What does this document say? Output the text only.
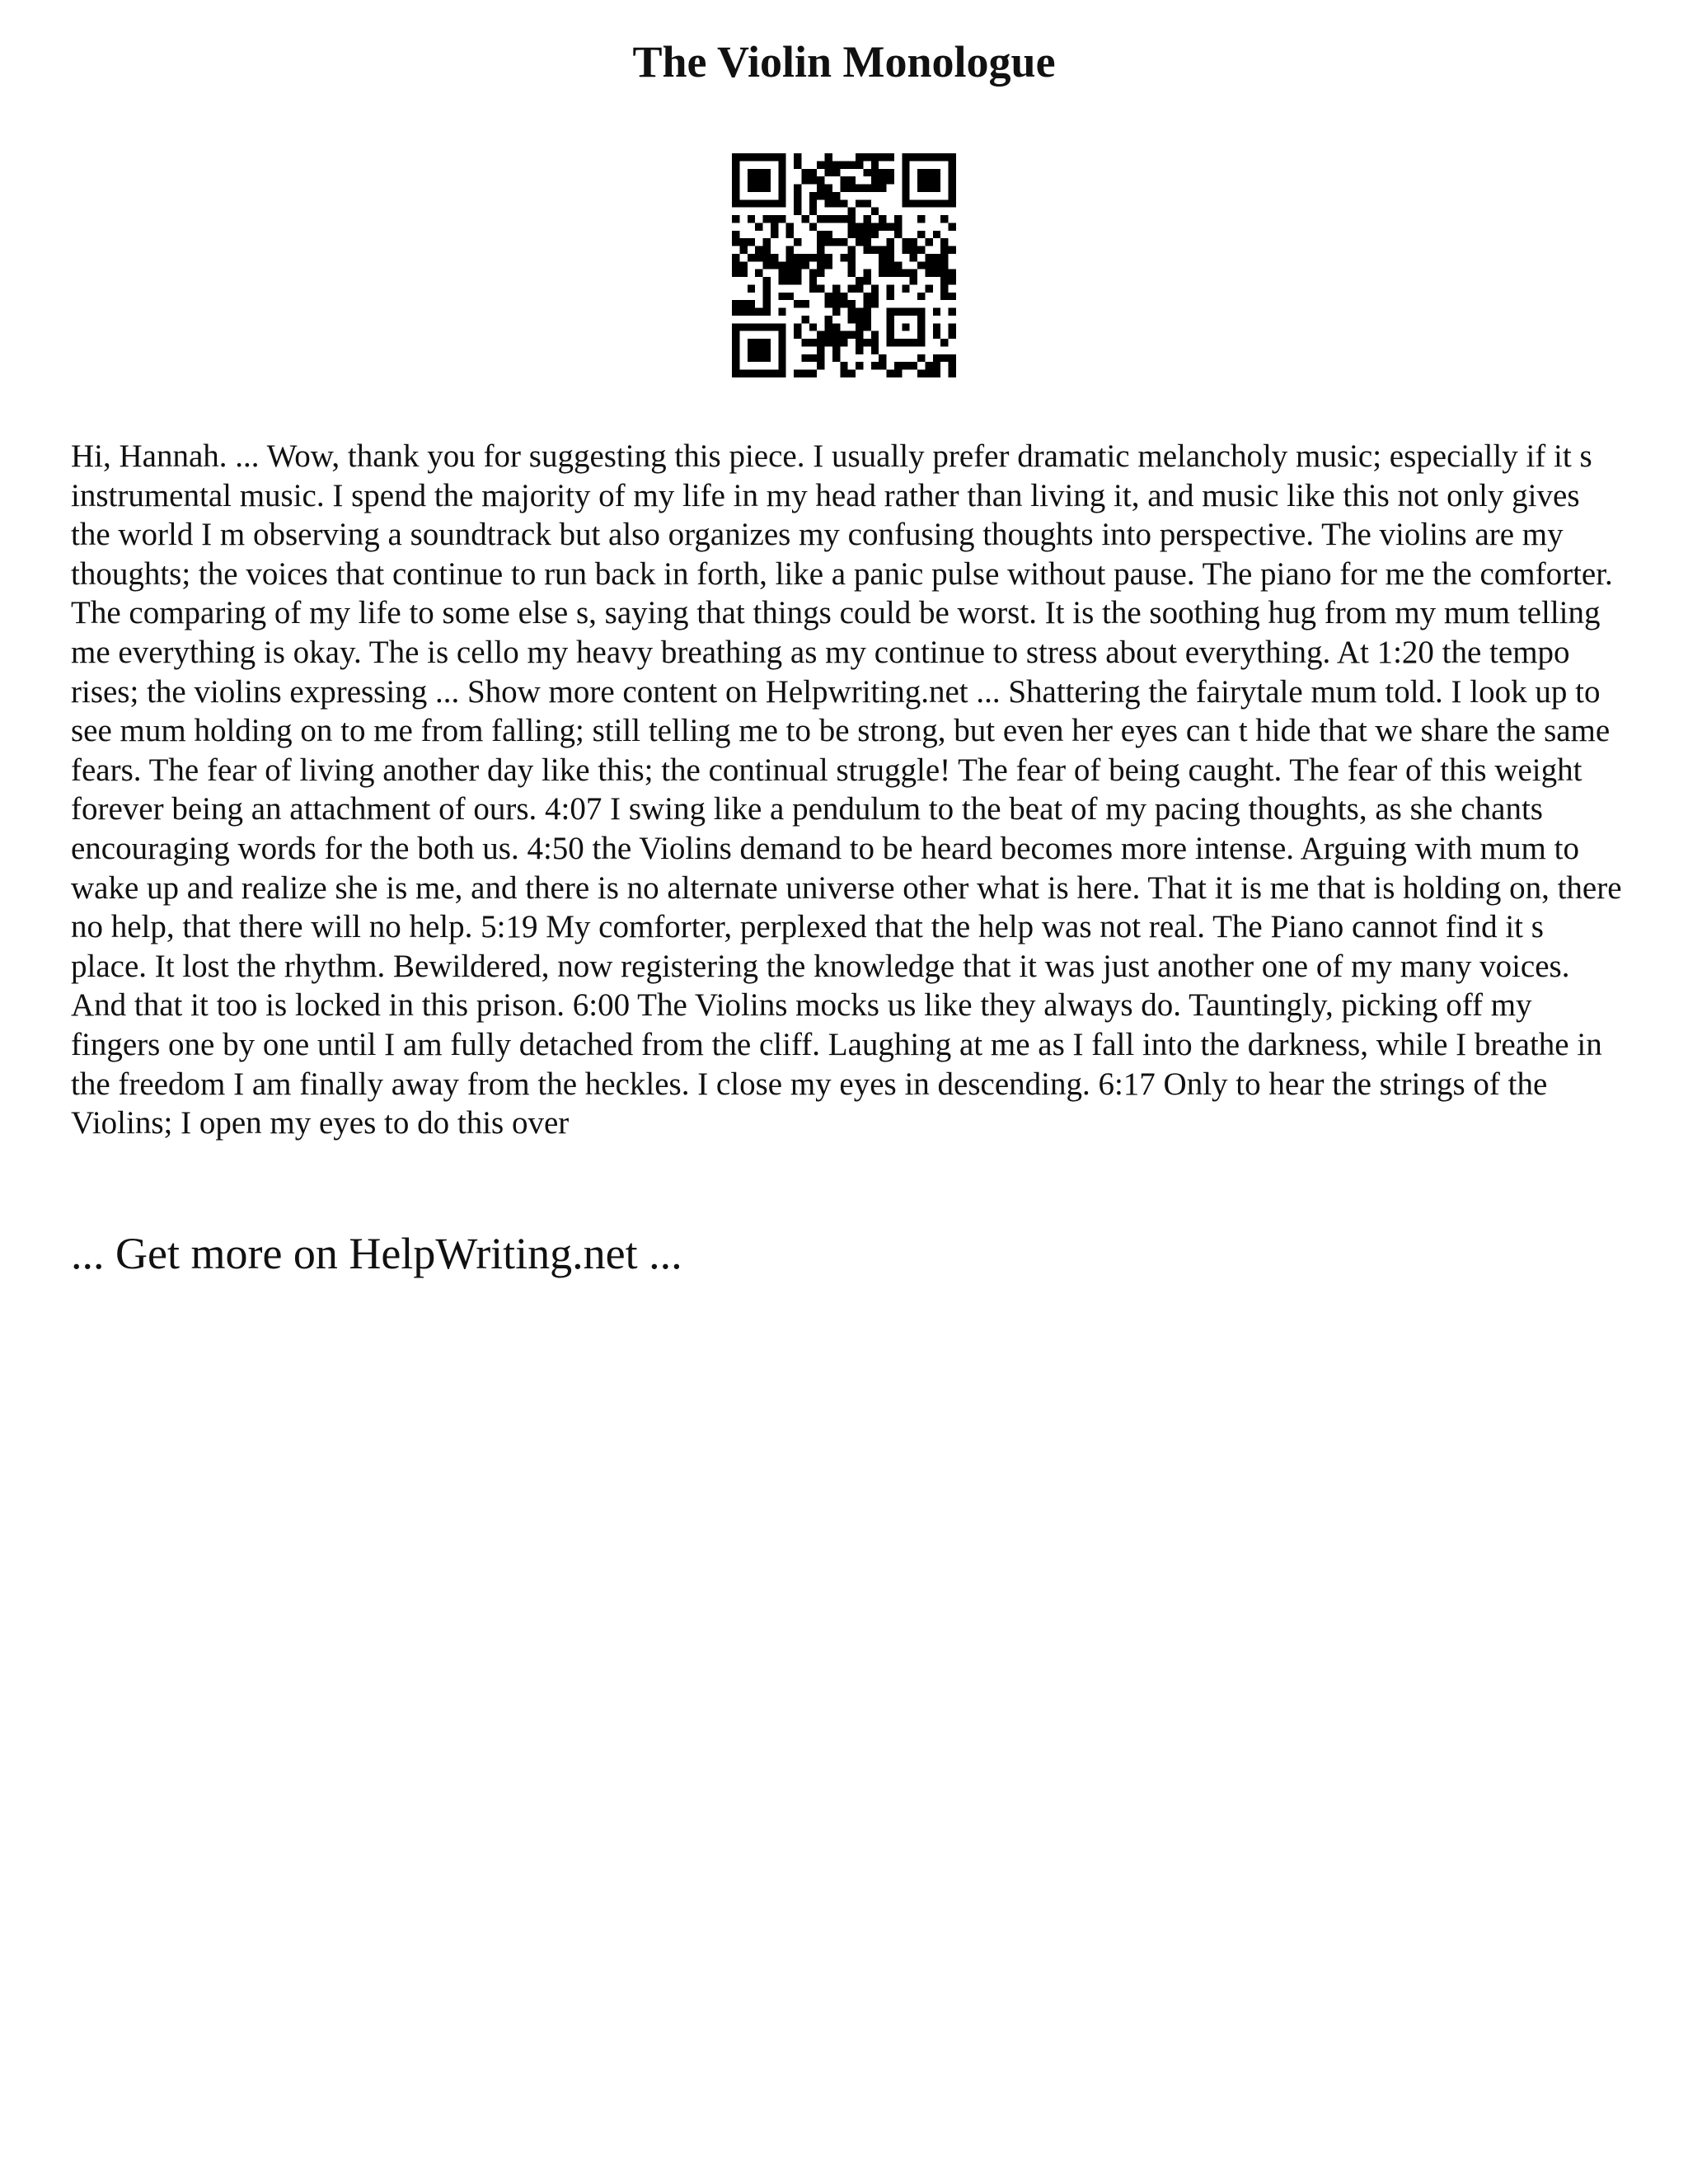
The Violin Monologue

Hi, Hannah. ... Wow, thank you for suggesting this piece. I usually prefer dramatic melancholy music; especially if it s instrumental music. I spend the majority of my life in my head rather than living it, and music like this not only gives the world I m observing a soundtrack but also organizes my confusing thoughts into perspective. The violins are my thoughts; the voices that continue to run back in forth, like a panic pulse without pause. The piano for me the comforter. The comparing of my life to some else s, saying that things could be worst. It is the soothing hug from my mum telling me everything is okay. The is cello my heavy breathing as my continue to stress about everything. At 1:20 the tempo rises; the violins expressing ... Show more content on Helpwriting.net ... Shattering the fairytale mum told. I look up to see mum holding on to me from falling; still telling me to be strong, but even her eyes can t hide that we share the same fears. The fear of living another day like this; the continual struggle! The fear of being caught. The fear of this weight forever being an attachment of ours. 4:07 I swing like a pendulum to the beat of my pacing thoughts, as she chants encouraging words for the both us. 4:50 the Violins demand to be heard becomes more intense. Arguing with mum to wake up and realize she is me, and there is no alternate universe other what is here. That it is me that is holding on, there no help, that there will no help. 5:19 My comforter, perplexed that the help was not real. The Piano cannot find it s place. It lost the rhythm. Bewildered, now registering the knowledge that it was just another one of my many voices. And that it too is locked in this prison. 6:00 The Violins mocks us like they always do. Tauntingly, picking off my fingers one by one until I am fully detached from the cliff. Laughing at me as I fall into the darkness, while I breathe in the freedom I am finally away from the heckles. I close my eyes in descending. 6:17 Only to hear the strings of the Violins; I open my eyes to do this over

... Get more on HelpWriting.net ...
